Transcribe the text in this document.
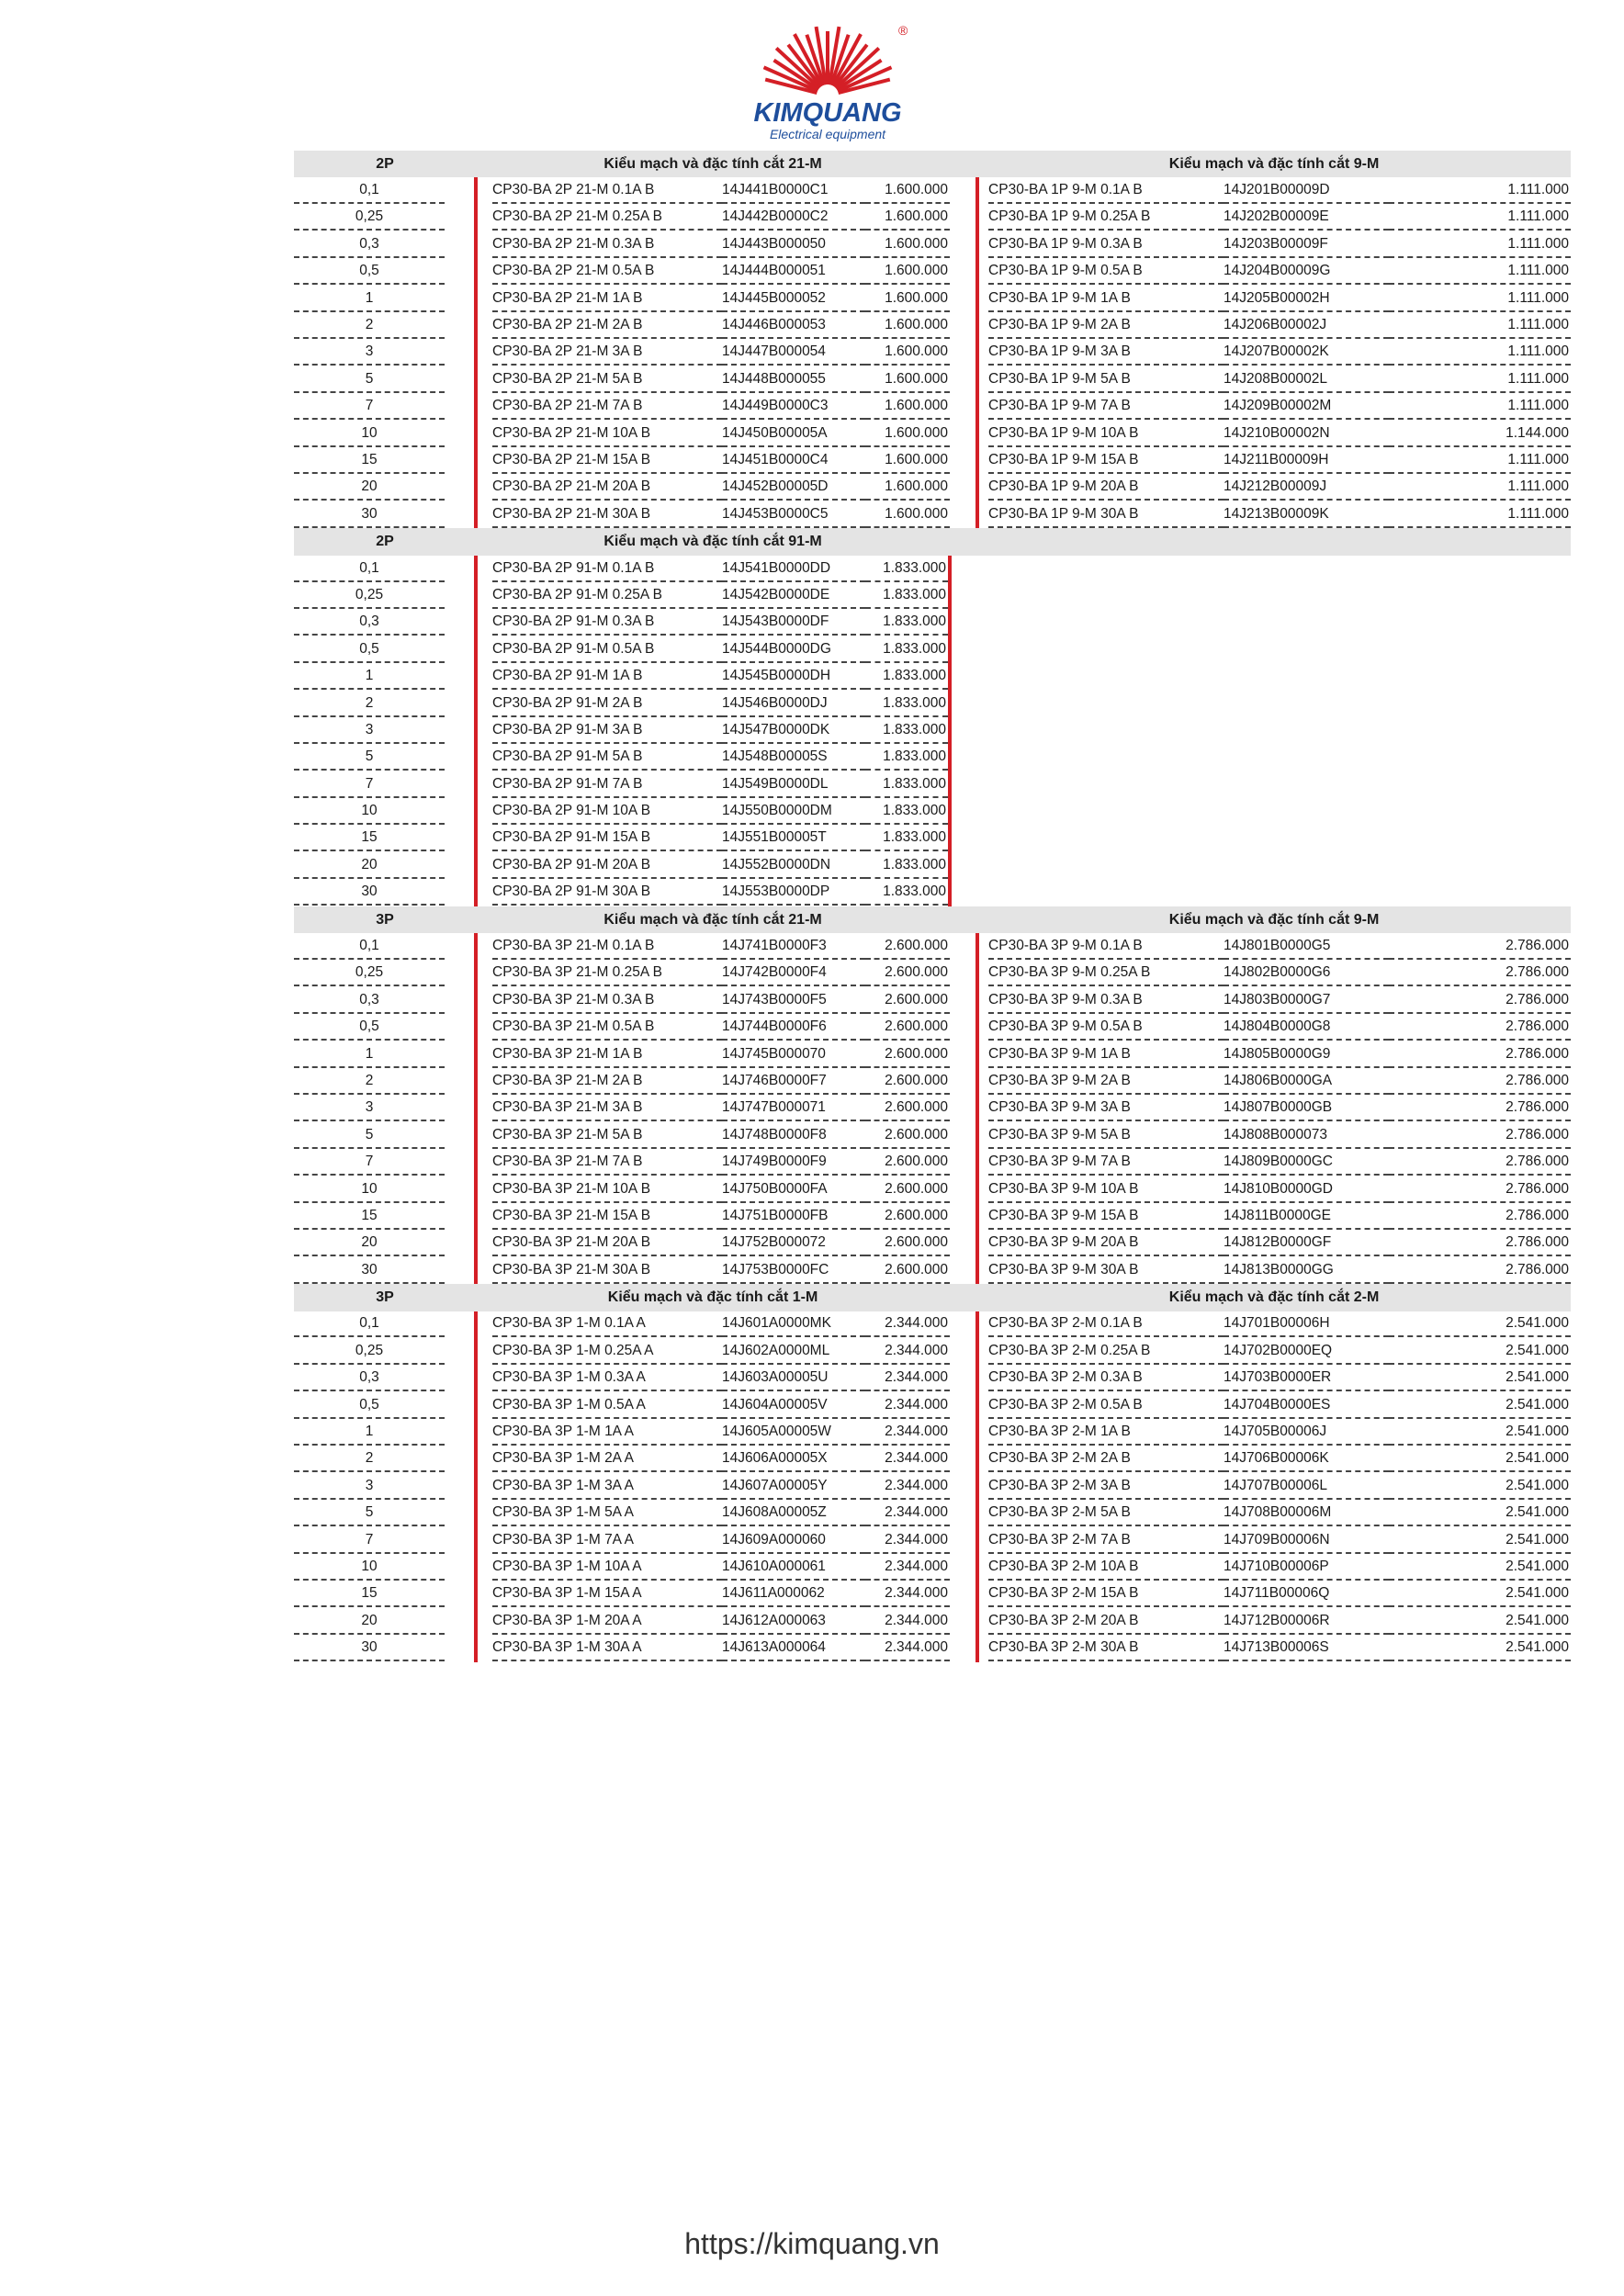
KIMQUANG
Electrical equipment
®
2P		Kiểu mạch và đặc tính cắt 21-M				Kiểu mạch và đặc tính cắt 9-M		

0,1		CP30-BA 2P 21-M 0.1A B	14J441B0000C1	1.600.000		CP30-BA 1P 9-M 0.1A B	14J201B00009D	1.111.000

0,25		CP30-BA 2P 21-M 0.25A B	14J442B0000C2	1.600.000		CP30-BA 1P 9-M 0.25A B	14J202B00009E	1.111.000

0,3		CP30-BA 2P 21-M 0.3A B	14J443B000050	1.600.000		CP30-BA 1P 9-M 0.3A B	14J203B00009F	1.111.000

0,5		CP30-BA 2P 21-M 0.5A B	14J444B000051	1.600.000		CP30-BA 1P 9-M 0.5A B	14J204B00009G	1.111.000

1		CP30-BA 2P 21-M 1A B	14J445B000052	1.600.000		CP30-BA 1P 9-M 1A B	14J205B00002H	1.111.000

2		CP30-BA 2P 21-M 2A B	14J446B000053	1.600.000		CP30-BA 1P 9-M 2A B	14J206B00002J	1.111.000

3		CP30-BA 2P 21-M 3A B	14J447B000054	1.600.000		CP30-BA 1P 9-M 3A B	14J207B00002K	1.111.000

5		CP30-BA 2P 21-M 5A B	14J448B000055	1.600.000		CP30-BA 1P 9-M 5A B	14J208B00002L	1.111.000

7		CP30-BA 2P 21-M 7A B	14J449B0000C3	1.600.000		CP30-BA 1P 9-M 7A B	14J209B00002M	1.111.000

10		CP30-BA 2P 21-M 10A B	14J450B00005A	1.600.000		CP30-BA 1P 9-M 10A B	14J210B00002N	1.144.000

15		CP30-BA 2P 21-M 15A B	14J451B0000C4	1.600.000		CP30-BA 1P 9-M 15A B	14J211B00009H	1.111.000

20		CP30-BA 2P 21-M 20A B	14J452B00005D	1.600.000		CP30-BA 1P 9-M 20A B	14J212B00009J	1.111.000

30		CP30-BA 2P 21-M 30A B	14J453B0000C5	1.600.000		CP30-BA 1P 9-M 30A B	14J213B00009K	1.111.000

2P		Kiểu mạch và đặc tính cắt 91-M						

0,1		CP30-BA 2P 91-M 0.1A B	14J541B0000DD	1.833.000				

0,25		CP30-BA 2P 91-M 0.25A B	14J542B0000DE	1.833.000				

0,3		CP30-BA 2P 91-M 0.3A B	14J543B0000DF	1.833.000				

0,5		CP30-BA 2P 91-M 0.5A B	14J544B0000DG	1.833.000				

1		CP30-BA 2P 91-M 1A B	14J545B0000DH	1.833.000				

2		CP30-BA 2P 91-M 2A B	14J546B0000DJ	1.833.000				

3		CP30-BA 2P 91-M 3A B	14J547B0000DK	1.833.000				

5		CP30-BA 2P 91-M 5A B	14J548B00005S	1.833.000				

7		CP30-BA 2P 91-M 7A B	14J549B0000DL	1.833.000				

10		CP30-BA 2P 91-M 10A B	14J550B0000DM	1.833.000				

15		CP30-BA 2P 91-M 15A B	14J551B00005T	1.833.000				

20		CP30-BA 2P 91-M 20A B	14J552B0000DN	1.833.000				

30		CP30-BA 2P 91-M 30A B	14J553B0000DP	1.833.000				

3P		Kiểu mạch và đặc tính cắt 21-M				Kiểu mạch và đặc tính cắt 9-M		

0,1		CP30-BA 3P 21-M 0.1A B	14J741B0000F3	2.600.000		CP30-BA 3P 9-M 0.1A B	14J801B0000G5	2.786.000

0,25		CP30-BA 3P 21-M 0.25A B	14J742B0000F4	2.600.000		CP30-BA 3P 9-M 0.25A B	14J802B0000G6	2.786.000

0,3		CP30-BA 3P 21-M 0.3A B	14J743B0000F5	2.600.000		CP30-BA 3P 9-M 0.3A B	14J803B0000G7	2.786.000

0,5		CP30-BA 3P 21-M 0.5A B	14J744B0000F6	2.600.000		CP30-BA 3P 9-M 0.5A B	14J804B0000G8	2.786.000

1		CP30-BA 3P 21-M 1A B	14J745B000070	2.600.000		CP30-BA 3P 9-M 1A B	14J805B0000G9	2.786.000

2		CP30-BA 3P 21-M 2A B	14J746B0000F7	2.600.000		CP30-BA 3P 9-M 2A B	14J806B0000GA	2.786.000

3		CP30-BA 3P 21-M 3A B	14J747B000071	2.600.000		CP30-BA 3P 9-M 3A B	14J807B0000GB	2.786.000

5		CP30-BA 3P 21-M 5A B	14J748B0000F8	2.600.000		CP30-BA 3P 9-M 5A B	14J808B000073	2.786.000

7		CP30-BA 3P 21-M 7A B	14J749B0000F9	2.600.000		CP30-BA 3P 9-M 7A B	14J809B0000GC	2.786.000

10		CP30-BA 3P 21-M 10A B	14J750B0000FA	2.600.000		CP30-BA 3P 9-M 10A B	14J810B0000GD	2.786.000

15		CP30-BA 3P 21-M 15A B	14J751B0000FB	2.600.000		CP30-BA 3P 9-M 15A B	14J811B0000GE	2.786.000

20		CP30-BA 3P 21-M 20A B	14J752B000072	2.600.000		CP30-BA 3P 9-M 20A B	14J812B0000GF	2.786.000

30		CP30-BA 3P 21-M 30A B	14J753B0000FC	2.600.000		CP30-BA 3P 9-M 30A B	14J813B0000GG	2.786.000

3P		Kiểu mạch và đặc tính cắt 1-M				Kiểu mạch và đặc tính cắt 2-M		

0,1		CP30-BA 3P 1-M 0.1A A	14J601A0000MK	2.344.000		CP30-BA 3P 2-M 0.1A B	14J701B00006H	2.541.000

0,25		CP30-BA 3P 1-M 0.25A A	14J602A0000ML	2.344.000		CP30-BA 3P 2-M 0.25A B	14J702B0000EQ	2.541.000

0,3		CP30-BA 3P 1-M 0.3A A	14J603A00005U	2.344.000		CP30-BA 3P 2-M 0.3A B	14J703B0000ER	2.541.000

0,5		CP30-BA 3P 1-M 0.5A A	14J604A00005V	2.344.000		CP30-BA 3P 2-M 0.5A B	14J704B0000ES	2.541.000

1		CP30-BA 3P 1-M 1A A	14J605A00005W	2.344.000		CP30-BA 3P 2-M 1A B	14J705B00006J	2.541.000

2		CP30-BA 3P 1-M 2A A	14J606A00005X	2.344.000		CP30-BA 3P 2-M 2A B	14J706B00006K	2.541.000

3		CP30-BA 3P 1-M 3A A	14J607A00005Y	2.344.000		CP30-BA 3P 2-M 3A B	14J707B00006L	2.541.000

5		CP30-BA 3P 1-M 5A A	14J608A00005Z	2.344.000		CP30-BA 3P 2-M 5A B	14J708B00006M	2.541.000

7		CP30-BA 3P 1-M 7A A	14J609A000060	2.344.000		CP30-BA 3P 2-M 7A B	14J709B00006N	2.541.000

10		CP30-BA 3P 1-M 10A A	14J610A000061	2.344.000		CP30-BA 3P 2-M 10A B	14J710B00006P	2.541.000

15		CP30-BA 3P 1-M 15A A	14J611A000062	2.344.000		CP30-BA 3P 2-M 15A B	14J711B00006Q	2.541.000

20		CP30-BA 3P 1-M 20A A	14J612A000063	2.344.000		CP30-BA 3P 2-M 20A B	14J712B00006R	2.541.000

30		CP30-BA 3P 1-M 30A A	14J613A000064	2.344.000		CP30-BA 3P 2-M 30A B	14J713B00006S	2.541.000
https://kimquang.vn
